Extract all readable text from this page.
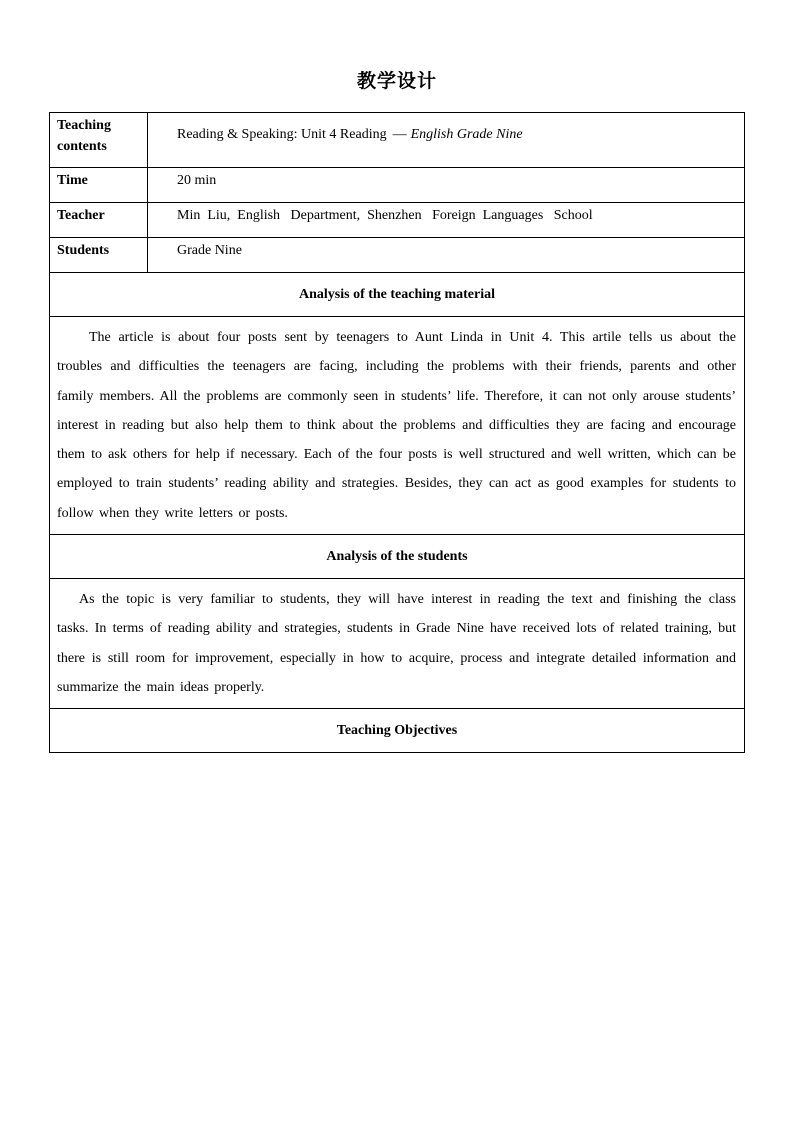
教学设计
Teaching contents	Reading & Speaking: Unit 4 Reading — English Grade Nine
Time	20 min
Teacher	Min  Liu,  English   Department,  Shenzhen   Foreign  Languages   School
Students	Grade Nine
Analysis of the teaching material	

The article is about four posts sent by teenagers to Aunt Linda in Unit 4. This artile tells us about the troubles and difficulties the teenagers are facing, including the problems with their friends, parents and other family members. All the problems are commonly seen in students’ life. Therefore, it can not only arouse students’ interest in reading but also help them to think about the problems and difficulties they are facing and encourage them to ask others for help if necessary. Each of the four posts is well structured and well written, which can be employed to train students’ reading ability and strategies. Besides, they can act as good examples for students to follow when they write letters or posts.	

Analysis of the students	

As the topic is very familiar to students, they will have interest in reading the text and finishing the class tasks. In terms of reading ability and strategies, students in Grade Nine have received lots of related training, but there is still room for improvement, especially in how to acquire, process and integrate detailed information and summarize the main ideas properly.	

Teaching Objectives	
